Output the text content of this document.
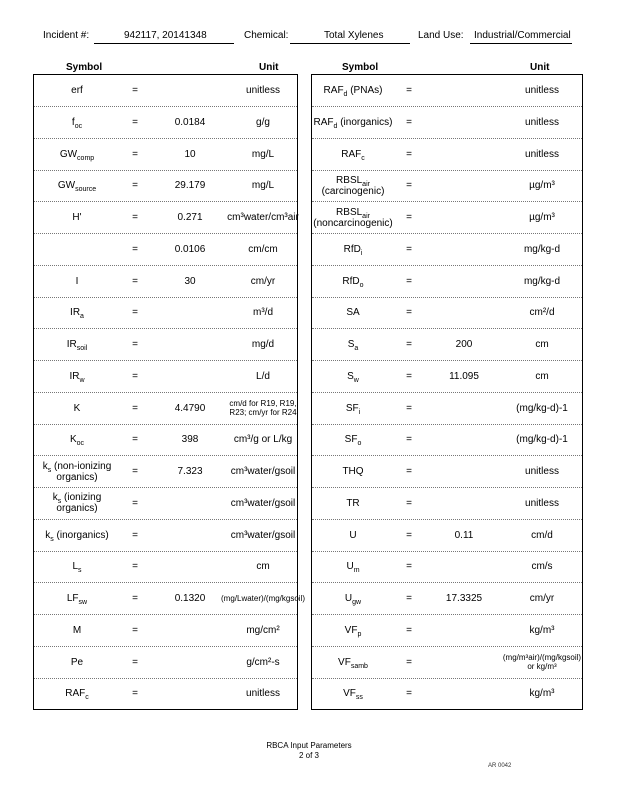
Incident #:	942117, 20141348	Chemical:	Total Xylenes	Land Use: Industrial/Commercial
Symbol	Unit	Symbol	Unit
erf	=	unitless
$f_{oc}$	=	0.0184	g/g
$GW_{comp}$	=	10	mg/L
$GW_{source}$	=	29.179	mg/L
H'	=	0.271	cm³water/cm³air
=	0.0106	cm/cm
I	=	30	cm/yr
$IR_a$	=	m³/d
$IR_{soil}$	=	mg/d
$IR_w$	=	L/d
K	=	4.4790	cm/d for R19, R19, R23; cm/yr for R24
$K_{oc}$	=	398	cm³/g or L/kg
$k_s$ (non-ionizing organics)	=	7.323	cm³water/gsoil
$k_s$ (ionizing organics)	=	cm³water/gsoil
$k_s$ (inorganics)	=	cm³water/gsoil
$L_s$	=	cm
$LF_{sw}$	=	0.1320	(mg/Lwater)/(mg/kgsoil)
M	=	mg/cm²
Pe	=	g/cm²-s
$RAF_c$	=	unitless
$RAF_d$ (PNAs)	=	unitless
$RAF_d$ (inorganics)	=	unitless
$RAF_c$	=	unitless
$RBSL_{air}$ (carcinogenic)	=	µg/m³
$RBSL_{air}$ (noncarcinogenic)	=	µg/m³
RfD$_i$	=	mg/kg-d
RfD$_o$	=	mg/kg-d
SA	=	cm²/d
$S_a$	=	200	cm
$S_w$	=	11.095	cm
$SF_i$	=	(mg/kg-d)-1
$SF_o$	=	(mg/kg-d)-1
THQ	=	unitless
TR	=	unitless
U	=	0.11	cm/d
$U_m$	=	cm/s
$U_{gw}$	=	17.3325	cm/yr
$VF_p$	=	kg/m³
$VF_{samb}$	=	(mg/m³air)/(mg/kgsoil) or kg/m³
$VF_{ss}$	=	kg/m³
RBCA Input Parameters
2 of 3
AR 0042
